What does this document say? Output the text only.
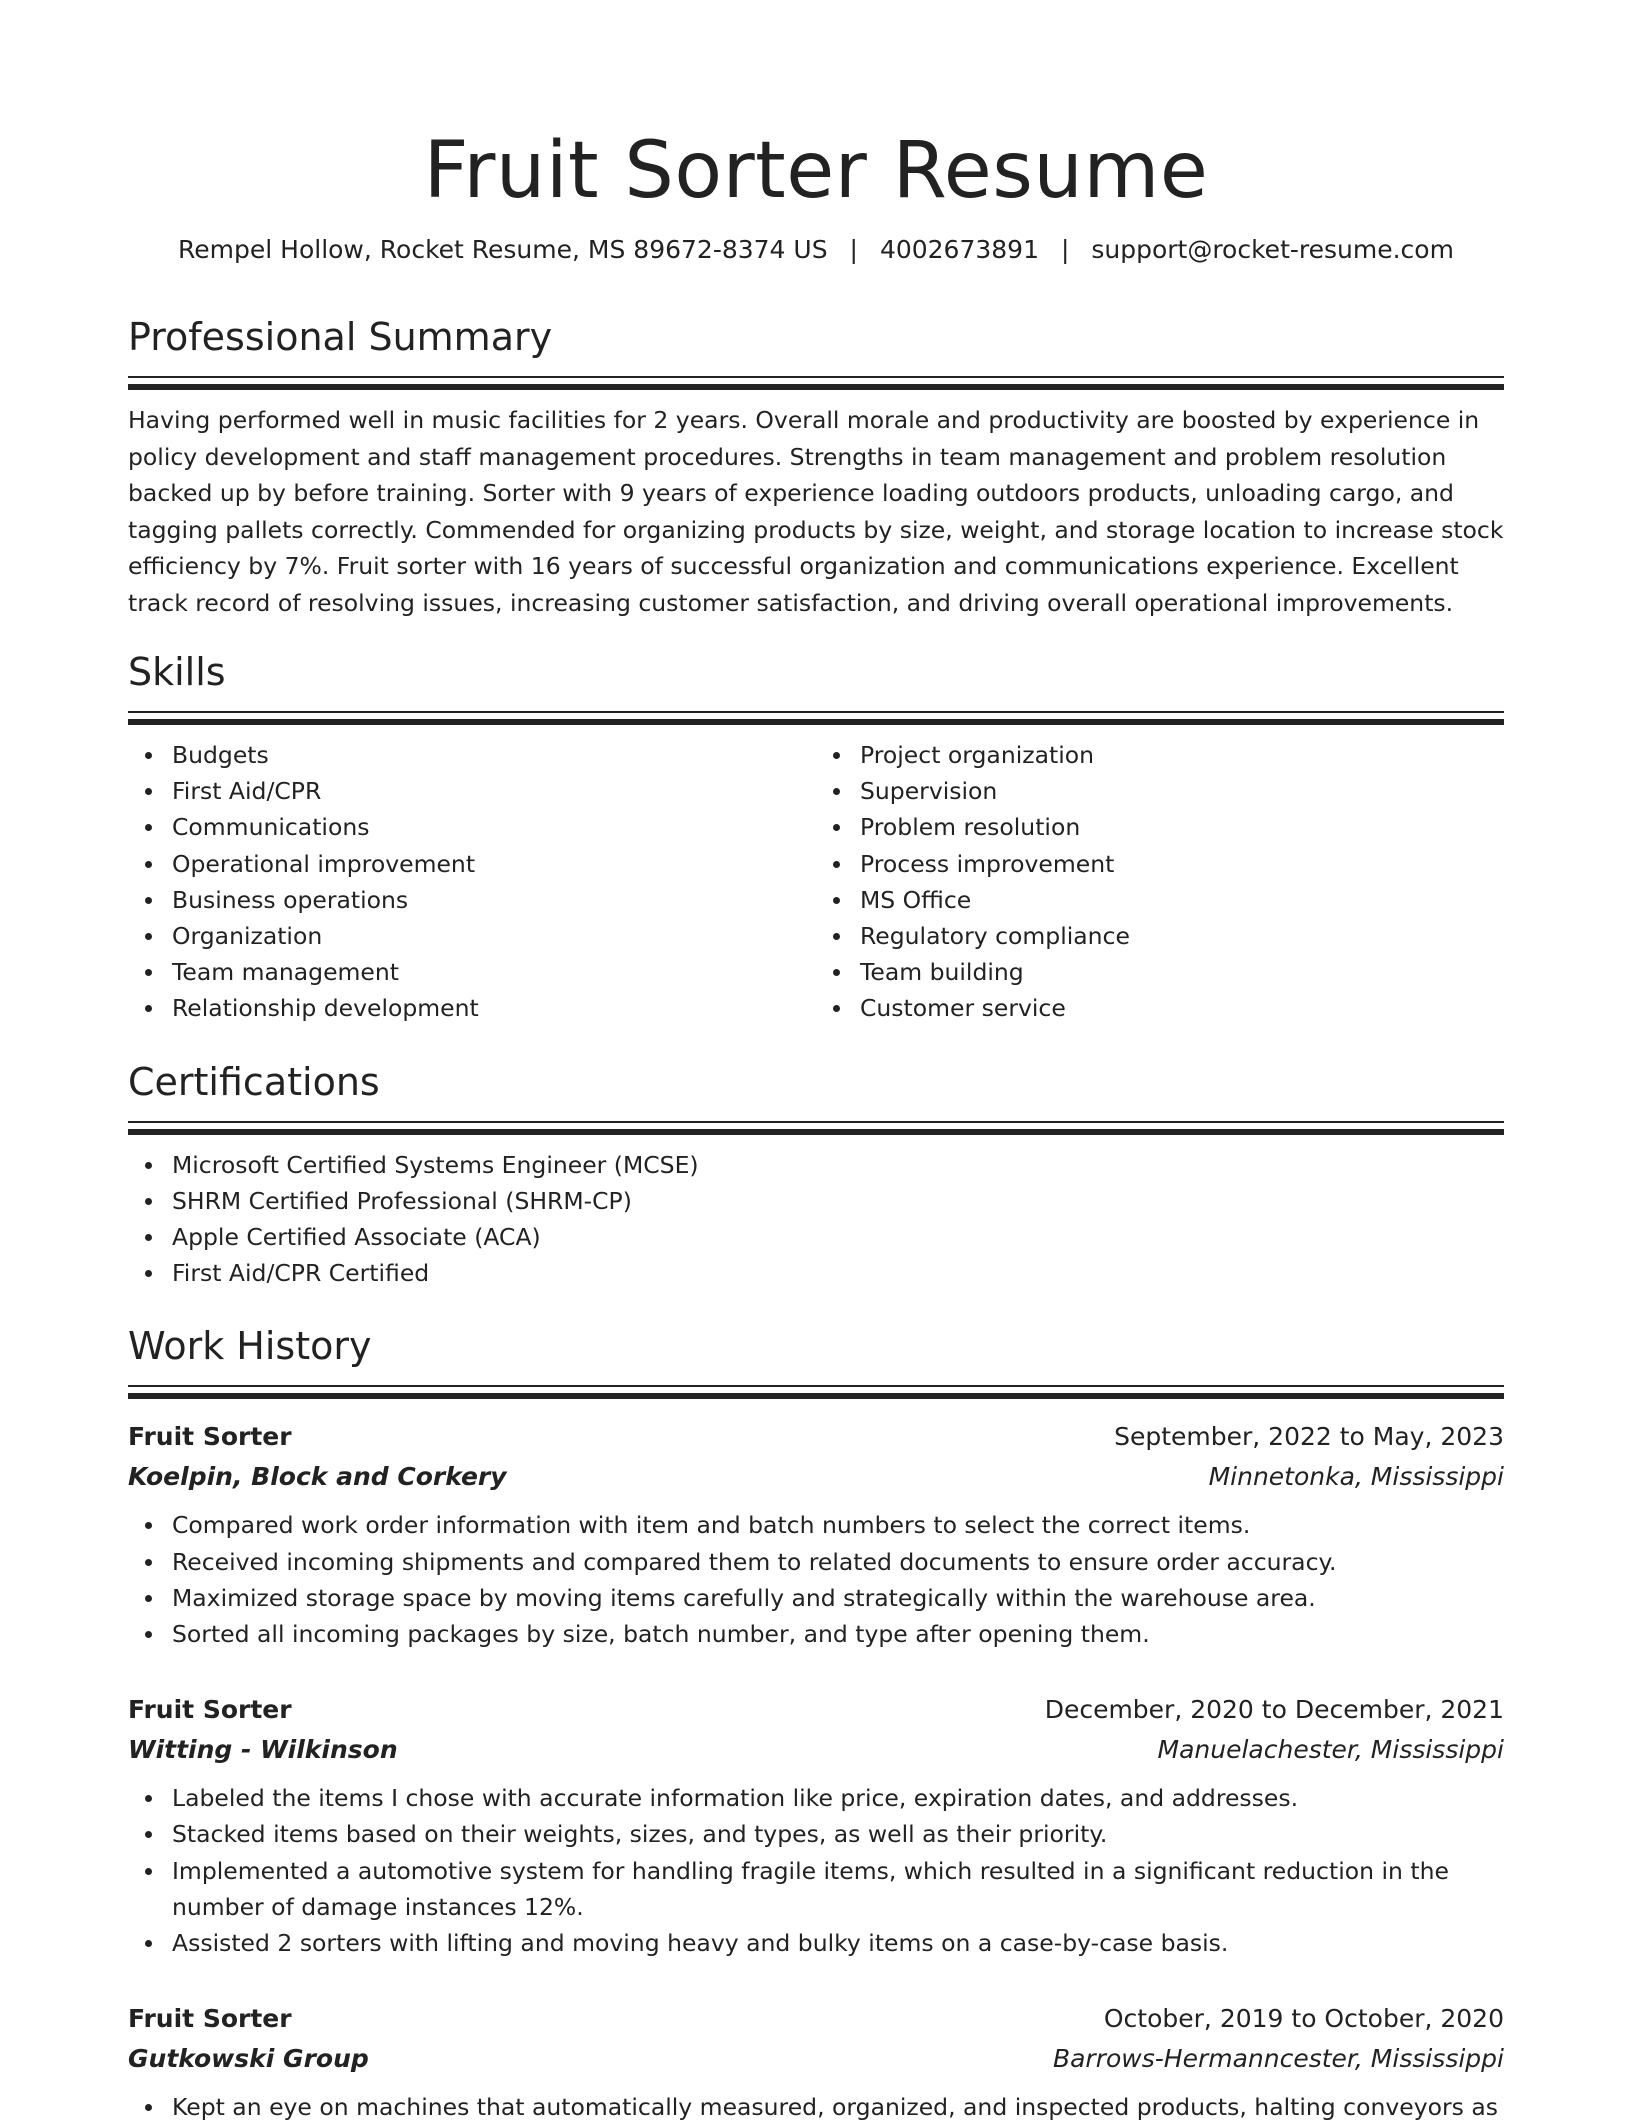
Fruit Sorter Resume
Rempel Hollow, Rocket Resume, MS 89672-8374 US | 4002673891 | support@rocket-resume.com
Professional Summary

Having performed well in music facilities for 2 years. Overall morale and productivity are boosted by experience in policy development and staff management procedures. Strengths in team management and problem resolution backed up by before training. Sorter with 9 years of experience loading outdoors products, unloading cargo, and tagging pallets correctly. Commended for organizing products by size, weight, and storage location to increase stock efficiency by 7%. Fruit sorter with 16 years of successful organization and communications experience. Excellent track record of resolving issues, increasing customer satisfaction, and driving overall operational improvements.

Skills
Budgets
First Aid/CPR
Communications
Operational improvement
Business operations
Organization
Team management
Relationship development
Project organization
Supervision
Problem resolution
Process improvement
MS Office
Regulatory compliance
Team building
Customer service
Certifications
Microsoft Certified Systems Engineer (MCSE)
SHRM Certified Professional (SHRM-CP)
Apple Certified Associate (ACA)
First Aid/CPR Certified
Work History
Fruit Sorter	September, 2022 to May, 2023
Koelpin, Block and Corkery	Minnetonka, Mississippi
Compared work order information with item and batch numbers to select the correct items.
Received incoming shipments and compared them to related documents to ensure order accuracy.
Maximized storage space by moving items carefully and strategically within the warehouse area.
Sorted all incoming packages by size, batch number, and type after opening them.
Fruit Sorter	December, 2020 to December, 2021
Witting - Wilkinson	Manuelachester, Mississippi
Labeled the items I chose with accurate information like price, expiration dates, and addresses.
Stacked items based on their weights, sizes, and types, as well as their priority.
Implemented a automotive system for handling fragile items, which resulted in a significant reduction in the number of damage instances 12%.
Assisted 2 sorters with lifting and moving heavy and bulky items on a case-by-case basis.
Fruit Sorter	October, 2019 to October, 2020
Gutkowski Group	Barrows-Hermanncester, Mississippi
Kept an eye on machines that automatically measured, organized, and inspected products, halting conveyors as
